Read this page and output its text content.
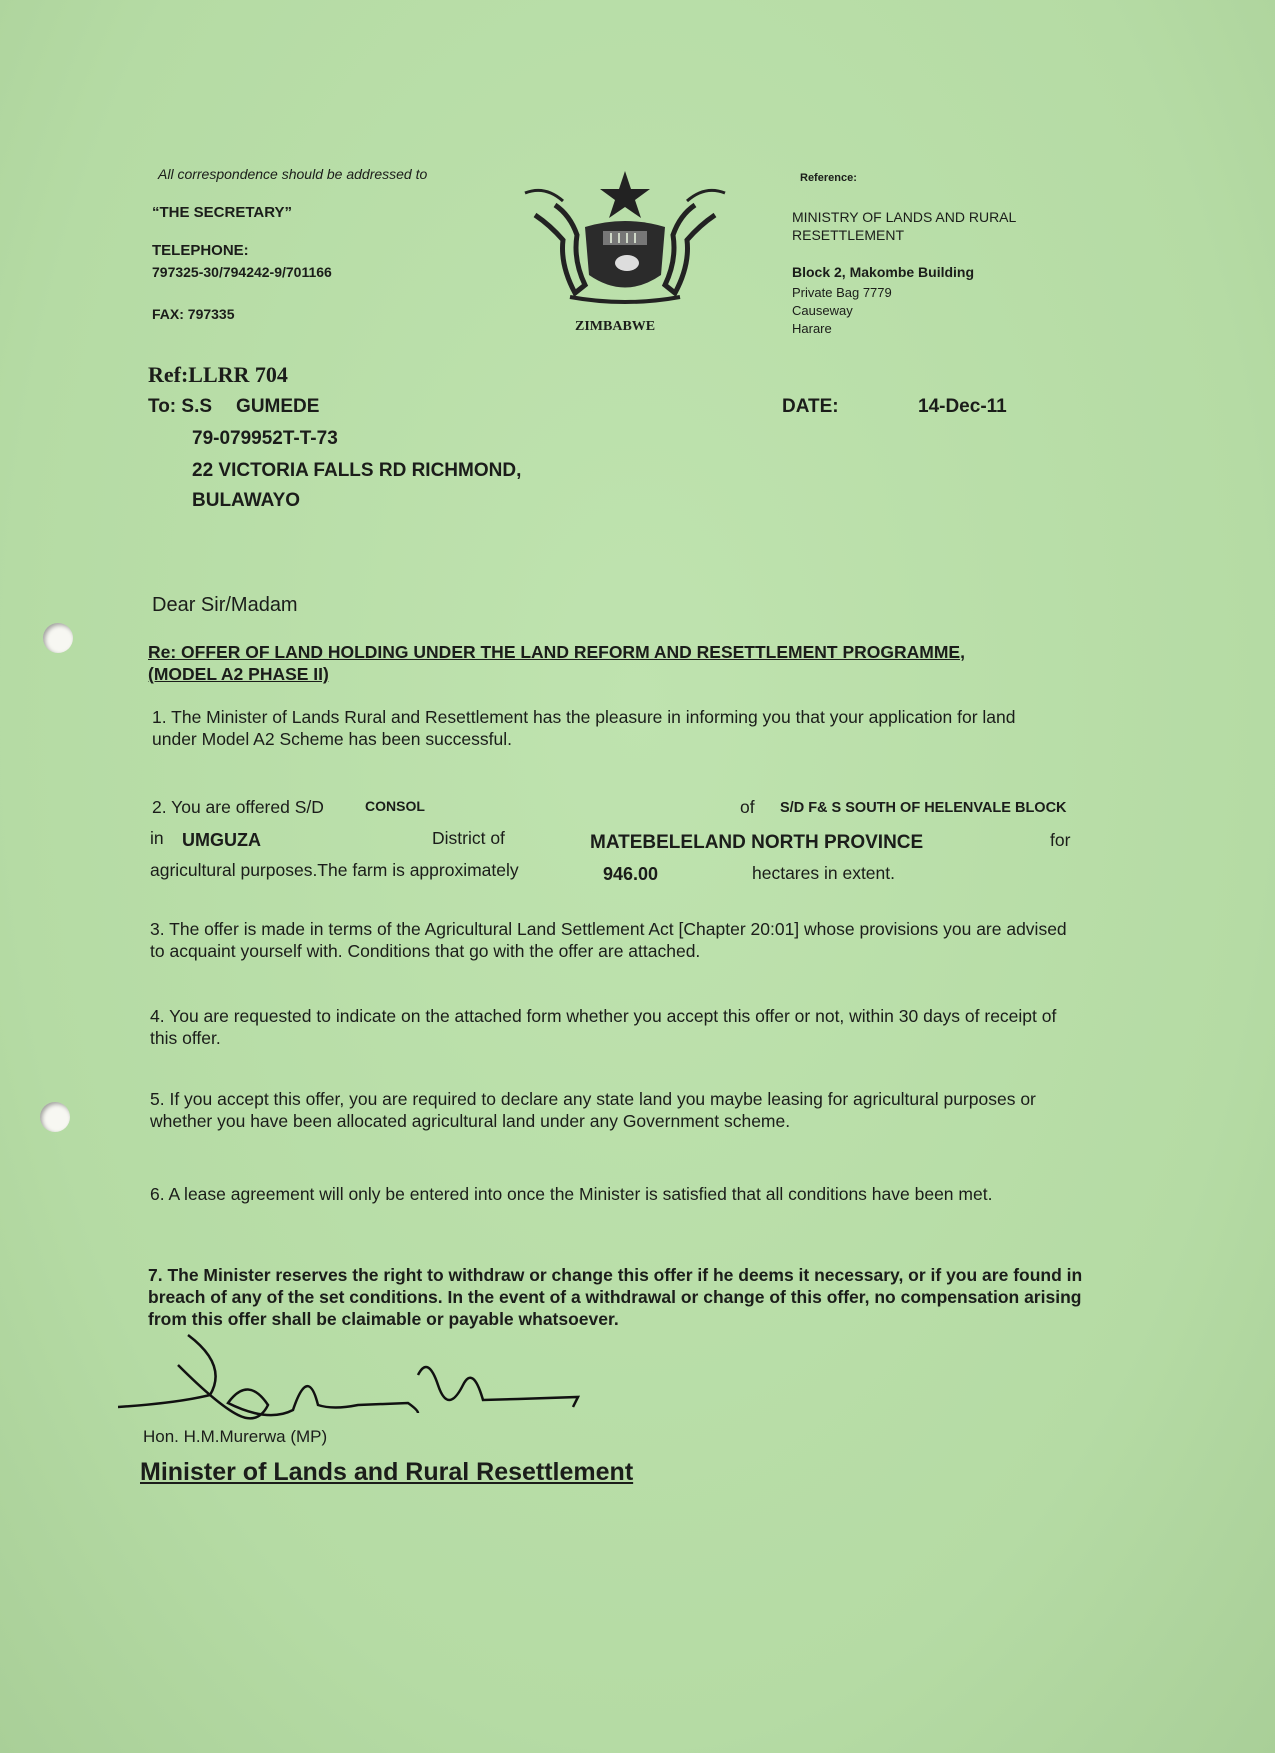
All correspondence should be addressed to
“THE SECRETARY”
TELEPHONE:
797325-30/794242-9/701166
FAX: 797335
ZIMBABWE
Reference:
MINISTRY OF LANDS AND RURAL RESETTLEMENT
Block 2, Makombe Building
Private Bag 7779
Causeway
Harare
Ref:LLRR 704
To: S.S GUMEDE
79-079952T-T-73
22 VICTORIA FALLS RD RICHMOND,
BULAWAYO
DATE:	14-Dec-11
Dear Sir/Madam
Re: OFFER OF LAND HOLDING UNDER THE LAND REFORM AND RESETTLEMENT PROGRAMME, (MODEL A2 PHASE II)
1. The Minister of Lands Rural and Resettlement has the pleasure in informing you that your application for land under Model A2 Scheme has been successful.
2. You are offered S/D	CONSOL	of S/D F& S SOUTH OF HELENVALE BLOCK
in UMGUZA	District of	MATEBELELAND NORTH PROVINCE	for
agricultural purposes.The farm is approximately	946.00	hectares in extent.
3. The offer is made in terms of the Agricultural Land Settlement Act [Chapter 20:01] whose provisions you are advised to acquaint yourself with. Conditions that go with the offer are attached.
4. You are requested to indicate on the attached form whether you accept this offer or not, within 30 days of receipt of this offer.
5. If you accept this offer, you are required to declare any state land you maybe leasing for agricultural purposes or whether you have been allocated agricultural land under any Government scheme.
6. A lease agreement will only be entered into once the Minister is satisfied that all conditions have been met.
7. The Minister reserves the right to withdraw or change this offer if he deems it necessary, or if you are found in breach of any of the set conditions. In the event of a withdrawal or change of this offer, no compensation arising from this offer shall be claimable or payable whatsoever.
Hon. H.M.Murerwa (MP)
Minister of Lands and Rural Resettlement
